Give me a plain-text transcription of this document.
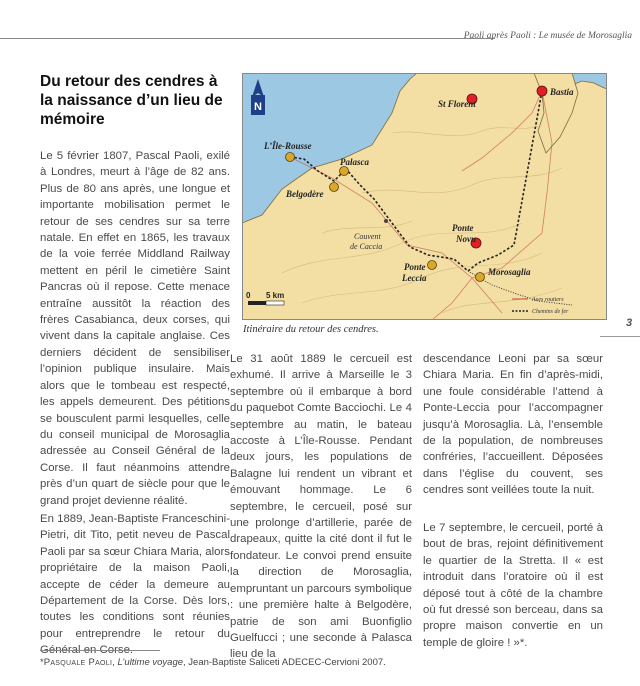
Paoli après Paoli : Le musée de Morosaglia
3
Du retour des cendres à la naissance d’un lieu de mémoire

Le 5 février 1807, Pascal Paoli, exilé à Londres, meurt à l’âge de 82 ans. Plus de 80 ans après, une longue et importante mobilisation permet le retour de ses cendres sur sa terre natale. En effet en 1865, les travaux de la voie ferrée Middland Railway mettent en péril le cimetière Saint Pancras où il repose. Cette menace entraîne aussitôt la réaction des frères Casabianca, deux corses, qui vivent dans la capitale anglaise. Ces derniers décident de sensibiliser l’opinion publique insulaire. Mais alors que le tombeau est respecté, les appels demeurent. Des pétitions se bousculent parmi lesquelles, celle du conseil municipal de Morosaglia adressée au Conseil Général de la Corse. Il faut néanmoins attendre près d’un quart de siècle pour que le grand projet devienne réalité.

En 1889, Jean-Baptiste Franceschini-Pietri, dit Tito, petit neveu de Pascal Paoli par sa sœur Chiara Maria, alors propriétaire de la maison Paoli, accepte de céder la demeure au Département de la Corse. Dès lors, toutes les conditions sont réunies pour entreprendre le retour du Général en Corse.

Le 31 août 1889 le cercueil est exhumé. Il arrive à Marseille le 3 septembre où il embarque à bord du paquebot Comte Bacciochi. Le 4 septembre au matin, le bateau accoste à L’Île-Rousse. Pendant deux jours, les populations de Balagne lui rendent un vibrant et émouvant hommage. Le 6 septembre, le cercueil, posé sur une prolonge d’artillerie, parée de drapeaux, quitte la cité dont il fut le fondateur. Le convoi prend ensuite la direction de Morosaglia, empruntant un parcours symbolique : une première halte à Belgodère, patrie de son ami Buonfiglio Guelfucci ; une seconde à Palasca lieu de la

descendance Leoni par sa sœur Chiara Maria. En fin d’après-midi, une foule considérable l’attend à Ponte-Leccia pour l’accompagner jusqu’à Morosaglia. Là, l’ensemble de la population, de nombreuses confréries, l’accueillent. Déposées dans l’église du couvent, ses cendres sont veillées toute la nuit.

Le 7 septembre, le cercueil, porté à bout de bras, rejoint définitivement le quartier de la Stretta. Il « est introduit dans l’oratoire où il est déposé tout à côté de la chambre où fut dressé son berceau, dans sa propre maison convertie en un temple de gloire ! »*.

Bastia
St Florent
L’Île-Rousse
Palasca
Belgodère
Ponte
Novu
Ponte
Leccia
Morosaglia
Couvent
de Caccia
N
0 5 km	Axes routiers
Chemins de fer
Itinéraire du retour des cendres.
*Pasquale Paoli, L’ultime voyage, Jean-Baptiste Saliceti ADECEC-Cervioni 2007.
